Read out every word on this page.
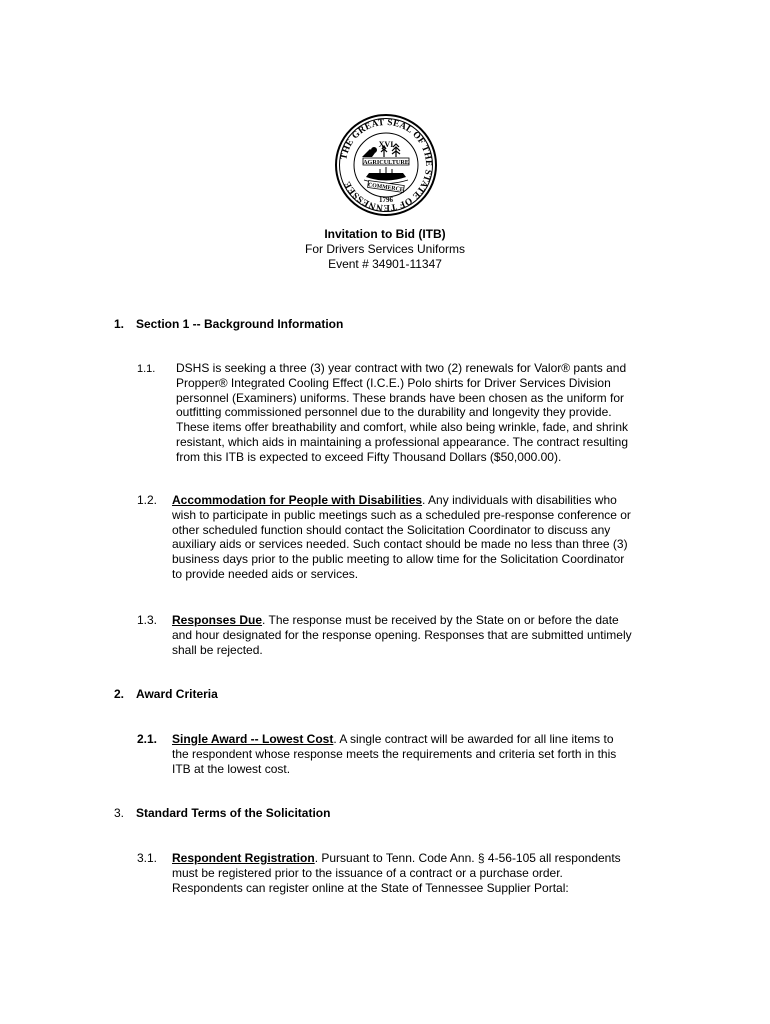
THE GREAT SEAL OF THE STATE OF TENNESSEE
XVI
AGRICULTURE
COMMERCE
1796
Invitation to Bid (ITB)
For Drivers Services Uniforms
Event # 34901-11347
1. Section 1 -- Background Information
1.1. DSHS is seeking a three (3) year contract with two (2) renewals for Valor® pants and
Propper® Integrated Cooling Effect (I.C.E.) Polo shirts for Driver Services Division
personnel (Examiners) uniforms. These brands have been chosen as the uniform for
outfitting commissioned personnel due to the durability and longevity they provide.
These items offer breathability and comfort, while also being wrinkle, fade, and shrink
resistant, which aids in maintaining a professional appearance. The contract resulting
from this ITB is expected to exceed Fifty Thousand Dollars ($50,000.00).
1.2. Accommodation for People with Disabilities. Any individuals with disabilities who
wish to participate in public meetings such as a scheduled pre-response conference or
other scheduled function should contact the Solicitation Coordinator to discuss any
auxiliary aids or services needed. Such contact should be made no less than three (3)
business days prior to the public meeting to allow time for the Solicitation Coordinator
to provide needed aids or services.
1.3. Responses Due. The response must be received by the State on or before the date
and hour designated for the response opening. Responses that are submitted untimely
shall be rejected.
2. Award Criteria
2.1. Single Award -- Lowest Cost. A single contract will be awarded for all line items to
the respondent whose response meets the requirements and criteria set forth in this
ITB at the lowest cost.
3. Standard Terms of the Solicitation
3.1. Respondent Registration. Pursuant to Tenn. Code Ann. § 4-56-105 all respondents
must be registered prior to the issuance of a contract or a purchase order.
Respondents can register online at the State of Tennessee Supplier Portal:
